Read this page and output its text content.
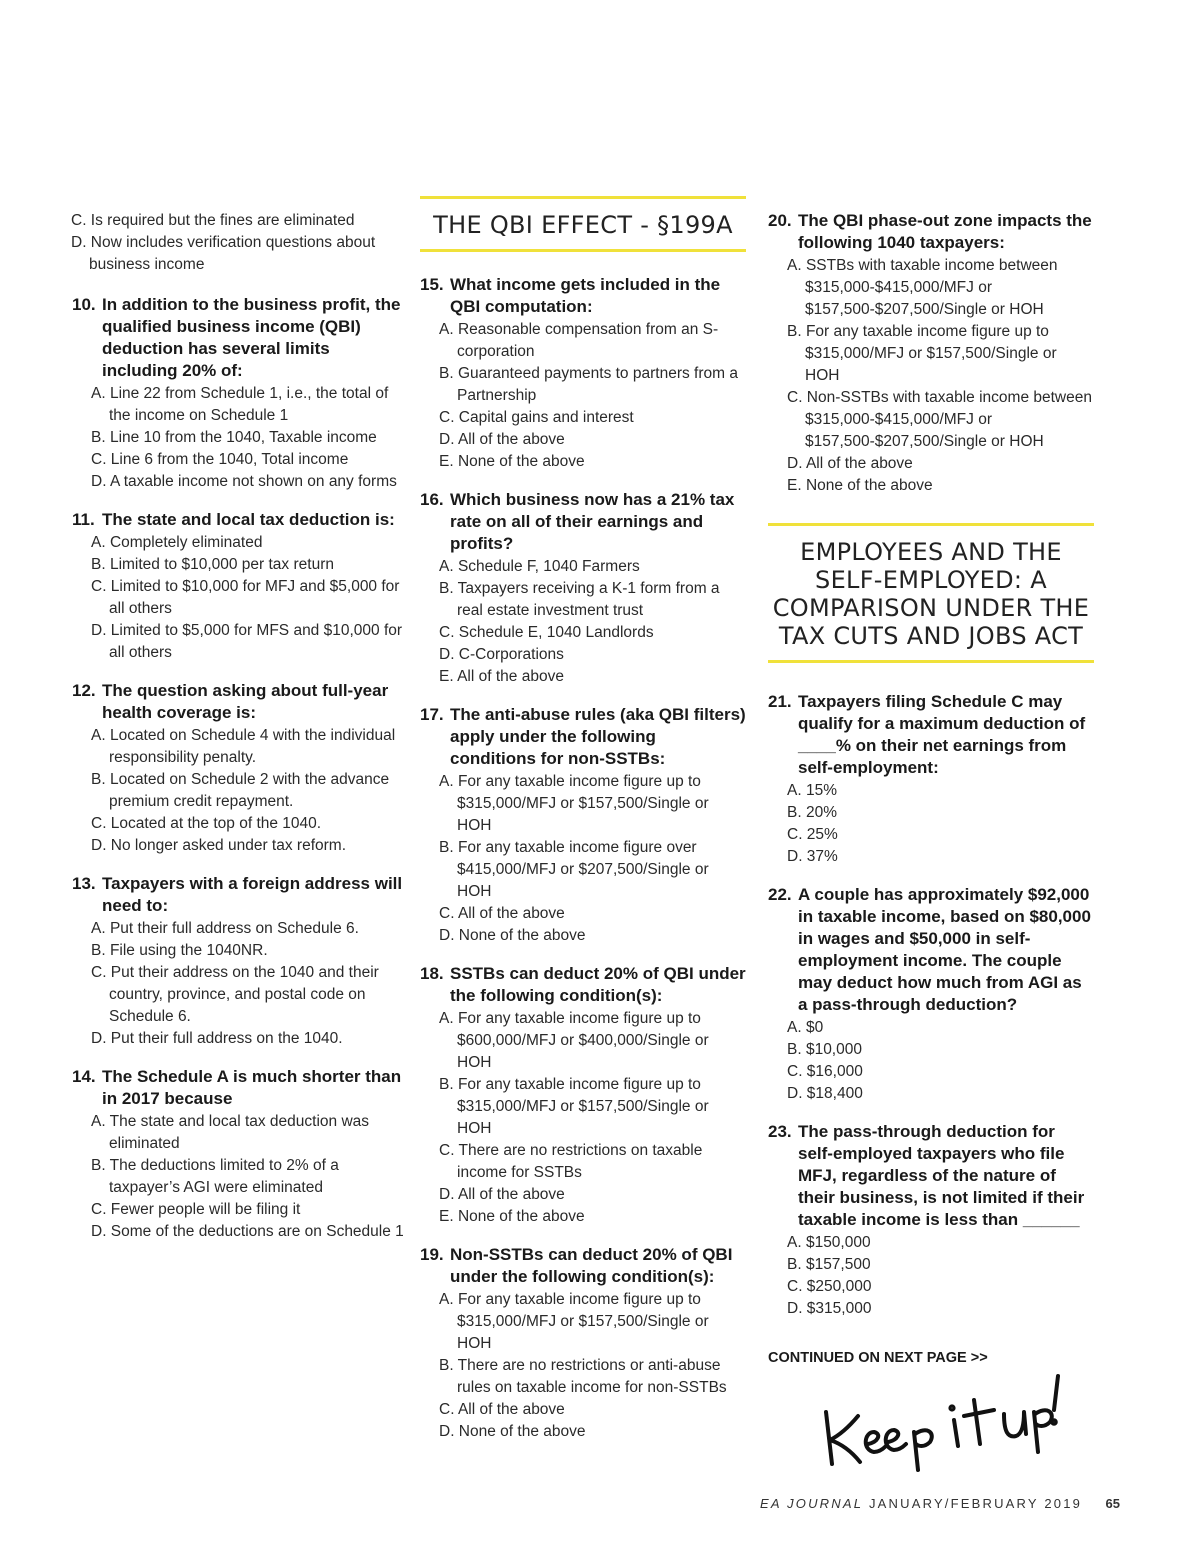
C. Is required but the fines are eliminated
D. Now includes verification questions about business income
10. In addition to the business profit, the qualified business income (QBI) deduction has several limits including 20% of:
A. Line 22 from Schedule 1, i.e., the total of the income on Schedule 1
B. Line 10 from the 1040, Taxable income
C. Line 6 from the 1040, Total income
D. A taxable income not shown on any forms
11. The state and local tax deduction is:
A. Completely eliminated
B. Limited to $10,000 per tax return
C. Limited to $10,000 for MFJ and $5,000 for all others
D. Limited to $5,000 for MFS and $10,000 for all others
12. The question asking about full-year health coverage is:
A. Located on Schedule 4 with the individual responsibility penalty.
B. Located on Schedule 2 with the advance premium credit repayment.
C. Located at the top of the 1040.
D. No longer asked under tax reform.
13. Taxpayers with a foreign address will need to:
A. Put their full address on Schedule 6.
B. File using the 1040NR.
C. Put their address on the 1040 and their country, province, and postal code on Schedule 6.
D. Put their full address on the 1040.
14. The Schedule A is much shorter than in 2017 because
A. The state and local tax deduction was eliminated
B. The deductions limited to 2% of a taxpayer’s AGI were eliminated
C. Fewer people will be filing it
D. Some of the deductions are on Schedule 1
THE QBI EFFECT - §199A
15. What income gets included in the QBI computation:
A. Reasonable compensation from an S-corporation
B. Guaranteed payments to partners from a Partnership
C. Capital gains and interest
D. All of the above
E. None of the above
16. Which business now has a 21% tax rate on all of their earnings and profits?
A. Schedule F, 1040 Farmers
B. Taxpayers receiving a K-1 form from a real estate investment trust
C. Schedule E, 1040 Landlords
D. C-Corporations
E. All of the above
17. The anti-abuse rules (aka QBI filters) apply under the following conditions for non-SSTBs:
A. For any taxable income figure up to $315,000/MFJ or $157,500/Single or HOH
B. For any taxable income figure over $415,000/MFJ or $207,500/Single or HOH
C. All of the above
D. None of the above
18. SSTBs can deduct 20% of QBI under the following condition(s):
A. For any taxable income figure up to $600,000/MFJ or $400,000/Single or HOH
B. For any taxable income figure up to $315,000/MFJ or $157,500/Single or HOH
C. There are no restrictions on taxable income for SSTBs
D. All of the above
E. None of the above
19. Non-SSTBs can deduct 20% of QBI under the following condition(s):
A. For any taxable income figure up to $315,000/MFJ or $157,500/Single or HOH
B. There are no restrictions or anti-abuse rules on taxable income for non-SSTBs
C. All of the above
D. None of the above
20. The QBI phase-out zone impacts the following 1040 taxpayers:
A. SSTBs with taxable income between $315,000-$415,000/MFJ or $157,500-$207,500/Single or HOH
B. For any taxable income figure up to $315,000/MFJ or $157,500/Single or HOH
C. Non-SSTBs with taxable income between $315,000-$415,000/MFJ or $157,500-$207,500/Single or HOH
D. All of the above
E. None of the above
EMPLOYEES AND THE SELF-EMPLOYED: A COMPARISON UNDER THE TAX CUTS AND JOBS ACT
21. Taxpayers filing Schedule C may qualify for a maximum deduction of ____% on their net earnings from self-employment:
A. 15%
B. 20%
C. 25%
D. 37%
22. A couple has approximately $92,000 in taxable income, based on $80,000 in wages and $50,000 in self-employment income. The couple may deduct how much from AGI as a pass-through deduction?
A. $0
B. $10,000
C. $16,000
D. $18,400
23. The pass-through deduction for self-employed taxpayers who file MFJ, regardless of the nature of their business, is not limited if their taxable income is less than ______
A. $150,000
B. $157,500
C. $250,000
D. $315,000
CONTINUED ON NEXT PAGE >>
EA JOURNAL JANUARY/FEBRUARY 2019 65
